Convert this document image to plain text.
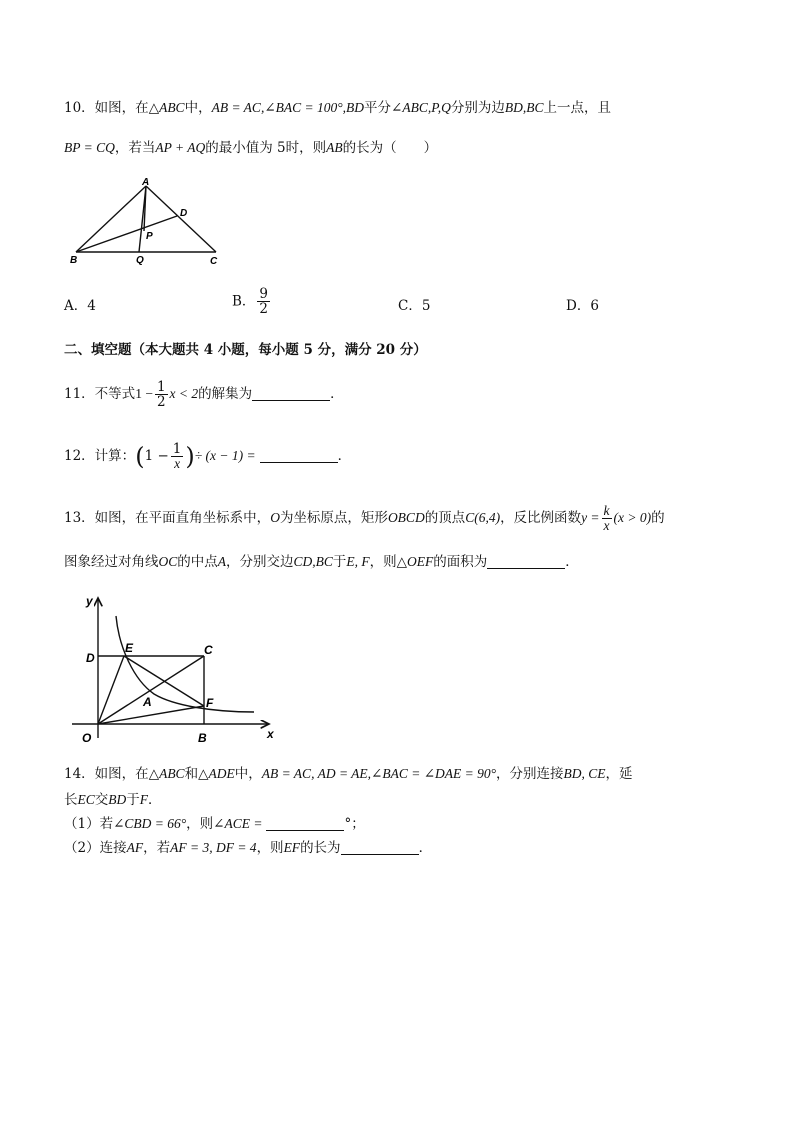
10．如图，在△ABC中，AB = AC,∠BAC = 100°,BD平分∠ABC,P,Q分别为边BD,BC上一点，且
BP = CQ，若当AP + AQ的最小值为 5时，则AB的长为（　　）
A
D
P
B	Q	C
A．4	B． $\frac{9}{2}$	C．5	D．6
二、填空题（本大题共 4 小题，每小题 5 分，满分 20 分）
11．不等式$1 - \frac{1}{2}$ x < 2的解集为	．
12．计算：($1 - \frac{1}{x}$ )÷ (x − 1) =	．
13．如图，在平面直角坐标系中，O为坐标原点，矩形OBCD的顶点C(6,4)，反比例函数$y = \frac{k}{x} (x > 0)$的
图象经过对角线OC的中点A，分别交边CD,BC于E, F，则△OEF的面积为	．
y
x
O	B
C
D
E
F
A
14．如图，在△ABC和△ADE中，AB = AC, AD = AE,∠BAC = ∠DAE = 90°，分别连接BD, CE，延
长EC交BD于F．
（1）若∠CBD = 66°，则∠ACE =	°；
（2）连接AF，若AF = 3, DF = 4，则EF的长为	．
